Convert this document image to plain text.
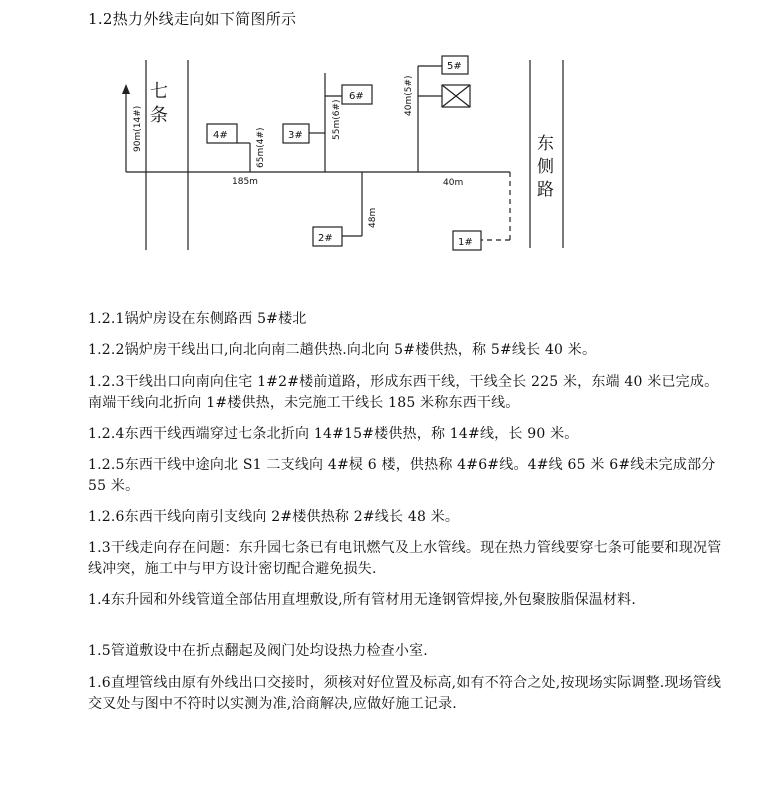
1.2热力外线走向如下简图所示
七
条
东
侧
路
4#	3#
6#
5#
2#	1#
90m(14#)	65m(4#)
55m(6#)
40m(5#)
185m	40m
48m
1.2.1锅炉房设在东侧路西 5#楼北
1.2.2锅炉房干线出口,向北向南二趟供热.向北向 5#楼供热，称 5#线长 40 米。
1.2.3干线出口向南向住宅 1#2#楼前道路，形成东西干线，干线全长 225 米，东端 40 米已完成。南端干线向北折向 1#楼供热，未完施工干线长 185 米称东西干线。
1.2.4东西干线西端穿过七条北折向 14#15#楼供热，称 14#线，长 90 米。
1.2.5东西干线中途向北 S1 二支线向 4#棂 6 楼，供热称 4#6#线。4#线 65 米 6#线未完成部分 55 米。
1.2.6东西干线向南引支线向 2#楼供热称 2#线长 48 米。
1.3干线走向存在问题：东升园七条已有电讯燃气及上水管线。现在热力管线要穿七条可能要和现况管线冲突，施工中与甲方设计密切配合避免损失.
1.4东升园和外线管道全部估用直埋敷设,所有管材用无逢钢管焊接,外包聚胺脂保温材料.
1.5管道敷设中在折点翻起及阀门处均设热力检查小室.
1.6直埋管线由原有外线出口交接时，须核对好位置及标高,如有不符合之处,按现场实际调整.现场管线交叉处与图中不符时以实测为准,洽商解决,应做好施工记录.
